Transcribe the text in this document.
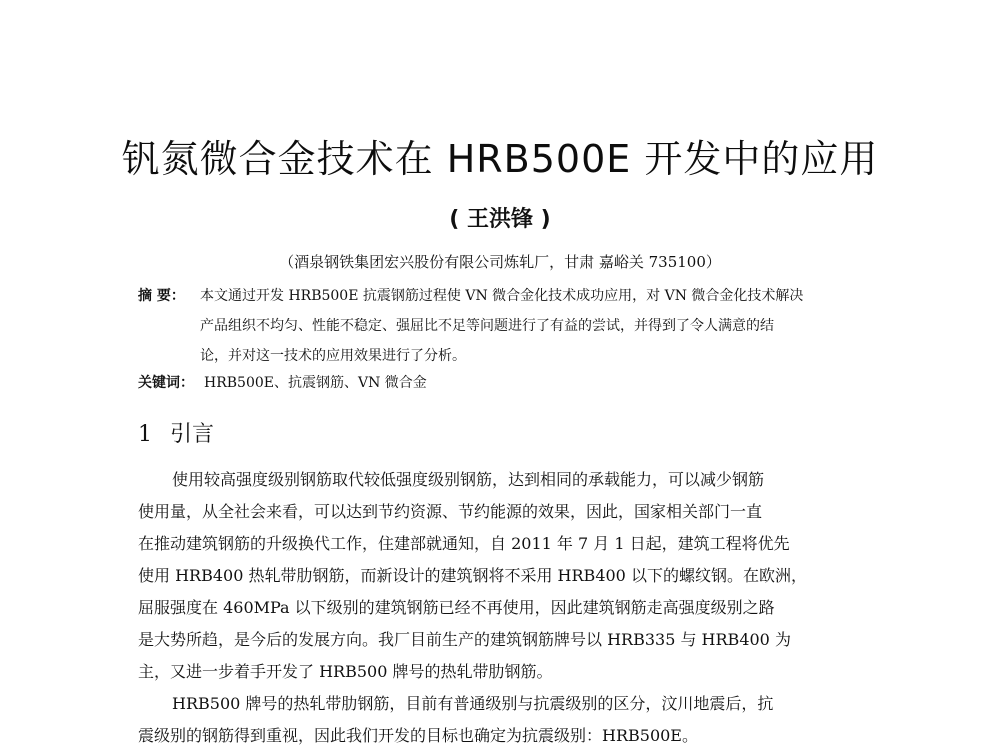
钒氮微合金技术在 HRB500E 开发中的应用
( 王洪锋 )
（酒泉钢铁集团宏兴股份有限公司炼轧厂，甘肃 嘉峪关 735100）
摘 要： 本文通过开发 HRB500E 抗震钢筋过程使 VN 微合金化技术成功应用，对 VN 微合金化技术解决
产品组织不均匀、性能不稳定、强屈比不足等问题进行了有益的尝试，并得到了令人满意的结
论，并对这一技术的应用效果进行了分析。
关键词： HRB500E、抗震钢筋、VN 微合金
1 引言
使用较高强度级别钢筋取代较低强度级别钢筋，达到相同的承载能力，可以减少钢筋
使用量，从全社会来看，可以达到节约资源、节约能源的效果，因此，国家相关部门一直
在推动建筑钢筋的升级换代工作，住建部就通知，自 2011 年 7 月 1 日起，建筑工程将优先
使用 HRB400 热轧带肋钢筋，而新设计的建筑钢将不采用 HRB400 以下的螺纹钢。在欧洲，
屈服强度在 460MPa 以下级别的建筑钢筋已经不再使用，因此建筑钢筋走高强度级别之路
是大势所趋，是今后的发展方向。我厂目前生产的建筑钢筋牌号以 HRB335 与 HRB400 为
主，又进一步着手开发了 HRB500 牌号的热轧带肋钢筋。
HRB500 牌号的热轧带肋钢筋，目前有普通级别与抗震级别的区分，汶川地震后，抗
震级别的钢筋得到重视，因此我们开发的目标也确定为抗震级别：HRB500E。
